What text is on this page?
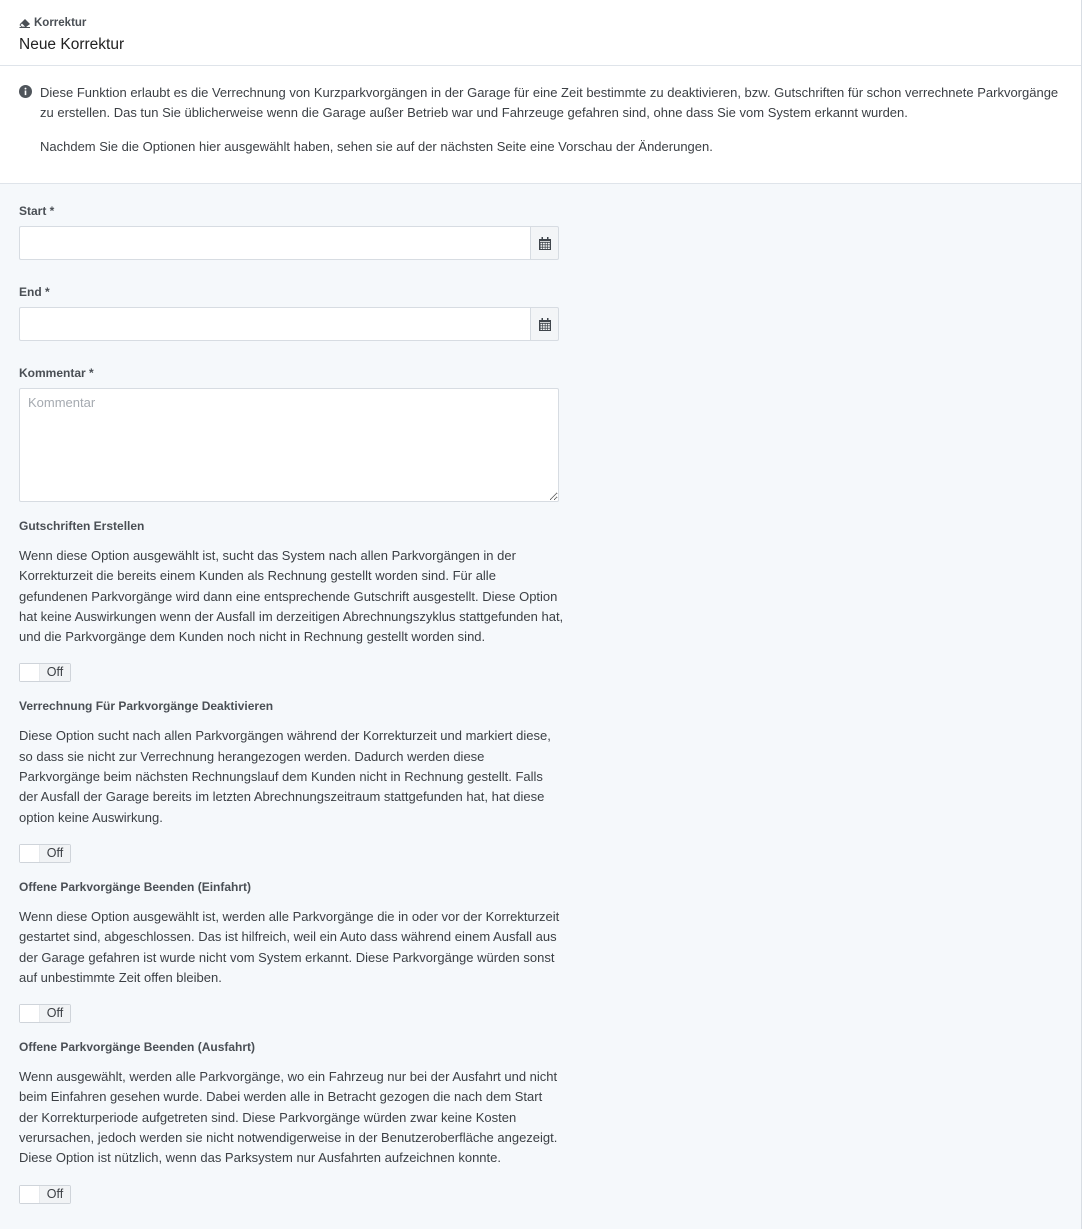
Korrektur
Neue Korrektur

Diese Funktion erlaubt es die Verrechnung von Kurzparkvorgängen in der Garage für eine Zeit bestimmte zu deaktivieren, bzw. Gutschriften für schon verrechnete Parkvorgänge zu erstellen. Das tun Sie üblicherweise wenn die Garage außer Betrieb war und Fahrzeuge gefahren sind, ohne dass Sie vom System erkannt wurden.

Nachdem Sie die Optionen hier ausgewählt haben, sehen sie auf der nächsten Seite eine Vorschau der Änderungen.

Start *
End *
Kommentar *
Kommentar
Gutschriften Erstellen
Wenn diese Option ausgewählt ist, sucht das System nach allen Parkvorgängen in der Korrekturzeit die bereits einem Kunden als Rechnung gestellt worden sind. Für alle gefundenen Parkvorgänge wird dann eine entsprechende Gutschrift ausgestellt. Diese Option hat keine Auswirkungen wenn der Ausfall im derzeitigen Abrechnungszyklus stattgefunden hat, und die Parkvorgänge dem Kunden noch nicht in Rechnung gestellt worden sind.
Off
Verrechnung Für Parkvorgänge Deaktivieren
Diese Option sucht nach allen Parkvorgängen während der Korrekturzeit und markiert diese, so dass sie nicht zur Verrechnung herangezogen werden. Dadurch werden diese Parkvorgänge beim nächsten Rechnungslauf dem Kunden nicht in Rechnung gestellt. Falls der Ausfall der Garage bereits im letzten Abrechnungszeitraum stattgefunden hat, hat diese option keine Auswirkung.
Off
Offene Parkvorgänge Beenden (Einfahrt)
Wenn diese Option ausgewählt ist, werden alle Parkvorgänge die in oder vor der Korrekturzeit gestartet sind, abgeschlossen. Das ist hilfreich, weil ein Auto dass während einem Ausfall aus der Garage gefahren ist wurde nicht vom System erkannt. Diese Parkvorgänge würden sonst auf unbestimmte Zeit offen bleiben.
Off
Offene Parkvorgänge Beenden (Ausfahrt)
Wenn ausgewählt, werden alle Parkvorgänge, wo ein Fahrzeug nur bei der Ausfahrt und nicht beim Einfahren gesehen wurde. Dabei werden alle in Betracht gezogen die nach dem Start der Korrekturperiode aufgetreten sind. Diese Parkvorgänge würden zwar keine Kosten verursachen, jedoch werden sie nicht notwendigerweise in der Benutzeroberfläche angezeigt. Diese Option ist nützlich, wenn das Parksystem nur Ausfahrten aufzeichnen konnte.
Off
